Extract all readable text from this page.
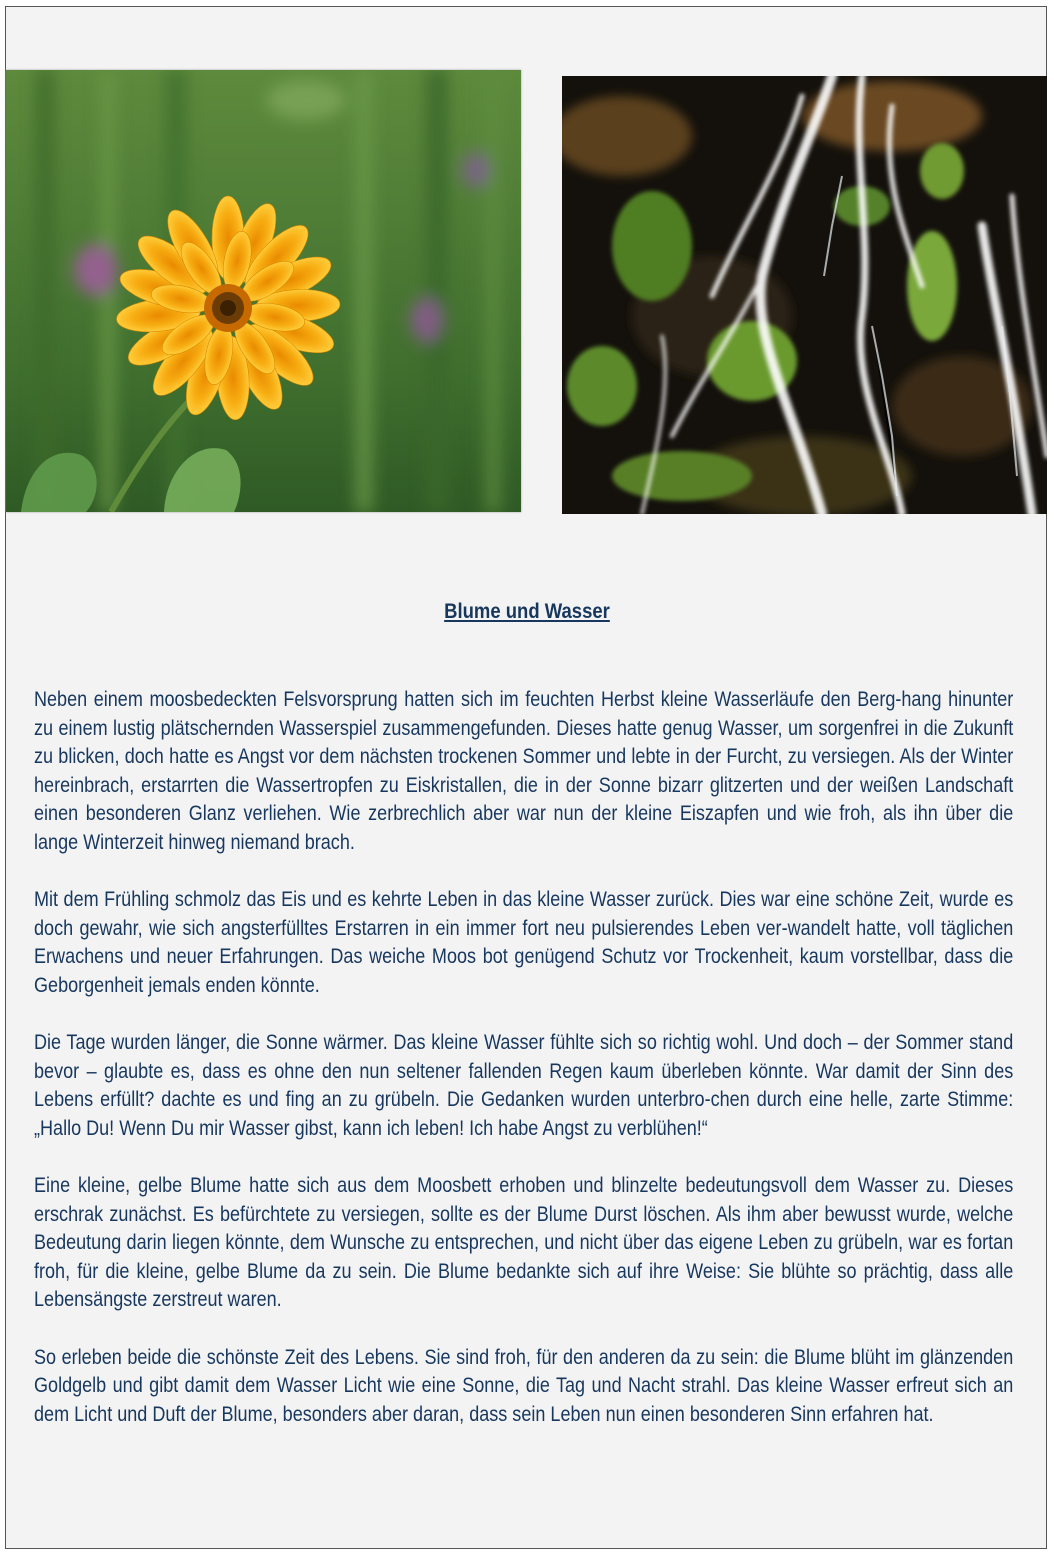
Blume und Wasser

Neben einem moosbedeckten Felsvorsprung hatten sich im feuchten Herbst kleine Wasserläufe den Berg-hang hinunter zu einem lustig plätschernden Wasserspiel zusammengefunden. Dieses hatte genug Wasser, um sorgenfrei in die Zukunft zu blicken, doch hatte es Angst vor dem nächsten trockenen Sommer und lebte in der Furcht, zu versiegen. Als der Winter hereinbrach, erstarrten die Wassertropfen zu Eiskristallen, die in der Sonne bizarr glitzerten und der weißen Landschaft einen besonderen Glanz verliehen. Wie zerbrechlich aber war nun der kleine Eiszapfen und wie froh, als ihn über die lange Winterzeit hinweg niemand brach.

Mit dem Frühling schmolz das Eis und es kehrte Leben in das kleine Wasser zurück. Dies war eine schöne Zeit, wurde es doch gewahr, wie sich angsterfülltes Erstarren in ein immer fort neu pulsierendes Leben ver-wandelt hatte, voll täglichen Erwachens und neuer Erfahrungen. Das weiche Moos bot genügend Schutz vor Trockenheit, kaum vorstellbar, dass die Geborgenheit jemals enden könnte.

Die Tage wurden länger, die Sonne wärmer. Das kleine Wasser fühlte sich so richtig wohl. Und doch – der Sommer stand bevor – glaubte es, dass es ohne den nun seltener fallenden Regen kaum überleben könnte. War damit der Sinn des Lebens erfüllt? dachte es und fing an zu grübeln. Die Gedanken wurden unterbro-chen durch eine helle, zarte Stimme: „Hallo Du! Wenn Du mir Wasser gibst, kann ich leben! Ich habe Angst zu verblühen!“

Eine kleine, gelbe Blume hatte sich aus dem Moosbett erhoben und blinzelte bedeutungsvoll dem Wasser zu. Dieses erschrak zunächst. Es befürchtete zu versiegen, sollte es der Blume Durst löschen. Als ihm aber bewusst wurde, welche Bedeutung darin liegen könnte, dem Wunsche zu entsprechen, und nicht über das eigene Leben zu grübeln, war es fortan froh, für die kleine, gelbe Blume da zu sein. Die Blume bedankte sich auf ihre Weise: Sie blühte so prächtig, dass alle Lebensängste zerstreut waren.

So erleben beide die schönste Zeit des Lebens. Sie sind froh, für den anderen da zu sein: die Blume blüht im glänzenden Goldgelb und gibt damit dem Wasser Licht wie eine Sonne, die Tag und Nacht strahl. Das kleine Wasser erfreut sich an dem Licht und Duft der Blume, besonders aber daran, dass sein Leben nun einen besonderen Sinn erfahren hat.
